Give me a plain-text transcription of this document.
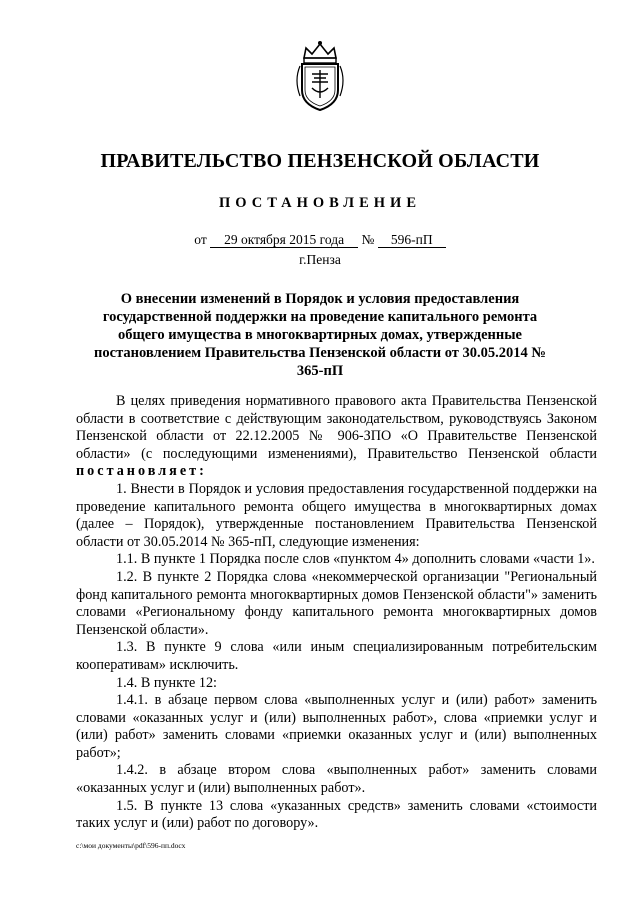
ПРАВИТЕЛЬСТВО ПЕНЗЕНСКОЙ ОБЛАСТИ
ПОСТАНОВЛЕНИЕ
от 29 октября 2015 года № 596-пП
г.Пенза
О внесении изменений в Порядок и условия предоставления государственной поддержки на проведение капитального ремонта общего имущества в многоквартирных домах, утвержденные постановлением Правительства Пензенской области от 30.05.2014 № 365-пП

В целях приведения нормативного правового акта Правительства Пензенской области в соответствие с действующим законодательством, руководствуясь Законом Пензенской области от 22.12.2005 № 906-ЗПО «О Правительстве Пензенской области» (с последующими изменениями), Правительство Пензенской области постановляет:

1. Внести в Порядок и условия предоставления государственной поддержки на проведение капитального ремонта общего имущества в многоквартирных домах (далее – Порядок), утвержденные постановлением Правительства Пензенской области от 30.05.2014 № 365-пП, следующие изменения:

1.1. В пункте 1 Порядка после слов «пунктом 4» дополнить словами «части 1».

1.2. В пункте 2 Порядка слова «некоммерческой организации "Региональный фонд капитального ремонта многоквартирных домов Пензенской области"» заменить словами «Региональному фонду капитального ремонта многоквартирных домов Пензенской области».

1.3. В пункте 9 слова «или иным специализированным потребительским кооперативам» исключить.

1.4. В пункте 12:

1.4.1. в абзаце первом слова «выполненных услуг и (или) работ» заменить словами «оказанных услуг и (или) выполненных работ», слова «приемки услуг и (или) работ» заменить словами «приемки оказанных услуг и (или) выполненных работ»;

1.4.2. в абзаце втором слова «выполненных работ» заменить словами «оказанных услуг и (или) выполненных работ».

1.5. В пункте 13 слова «указанных средств» заменить словами «стоимости таких услуг и (или) работ по договору».

с:\мои документы\pdf\596-пп.docx
